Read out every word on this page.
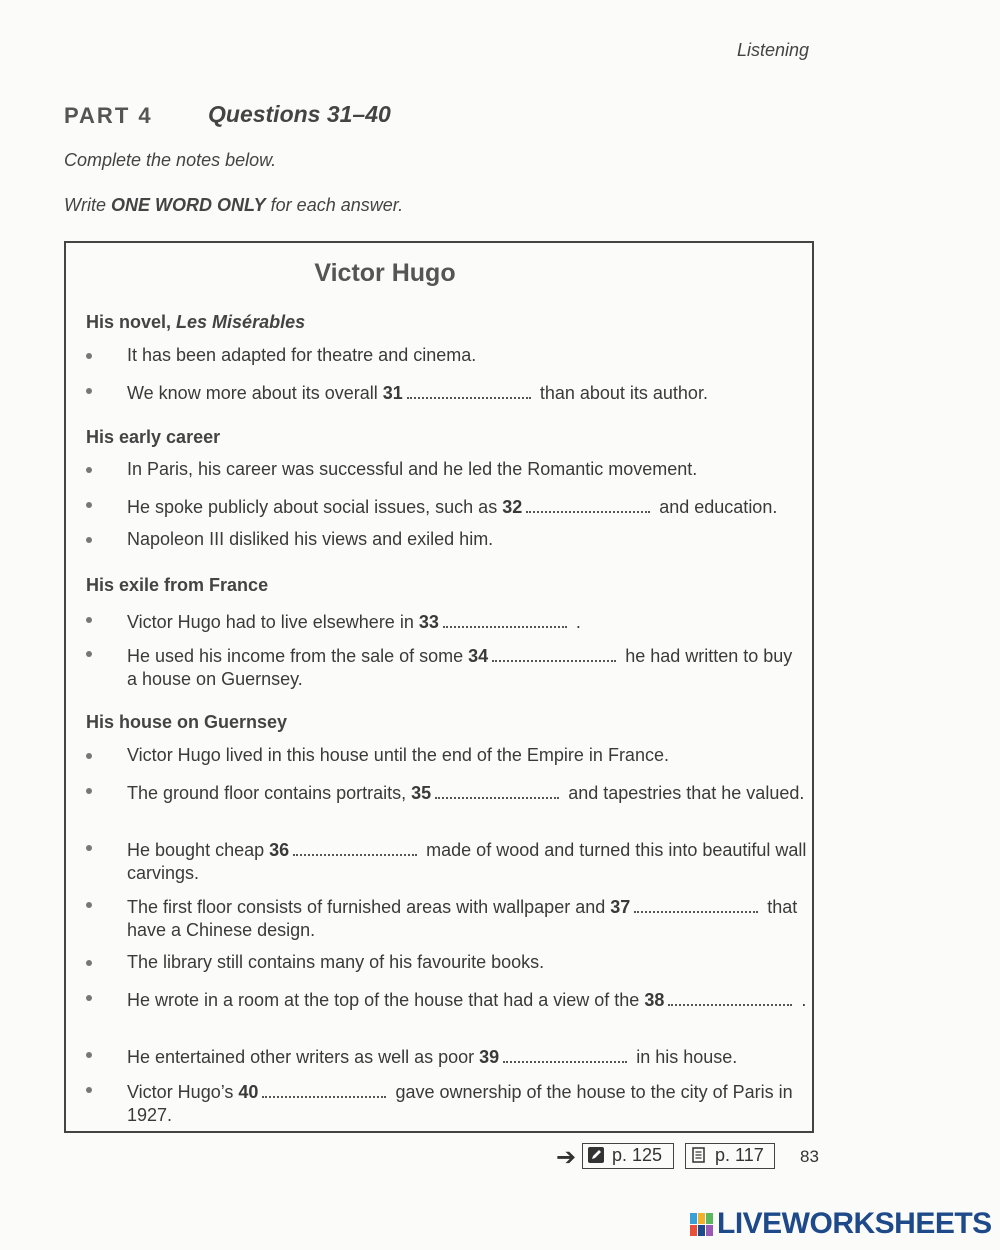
Listening
PART 4 Questions 31–40
Complete the notes below.
Write ONE WORD ONLY for each answer.
Victor Hugo
His novel, Les Misérables
It has been adapted for theatre and cinema.
We know more about its overall 31	than about its author.
His early career
In Paris, his career was successful and he led the Romantic movement.
He spoke publicly about social issues, such as 32	and education.
Napoleon III disliked his views and exiled him.
His exile from France
Victor Hugo had to live elsewhere in 33	.
He used his income from the sale of some 34	he had written to buy a house on Guernsey.
His house on Guernsey
Victor Hugo lived in this house until the end of the Empire in France.
The ground floor contains portraits, 35	and tapestries that he valued.
He bought cheap 36	made of wood and turned this into beautiful wall carvings.
The first floor consists of furnished areas with wallpaper and 37	that have a Chinese design.
The library still contains many of his favourite books.
He wrote in a room at the top of the house that had a view of the 38	.
He entertained other writers as well as poor 39	in his house.
Victor Hugo’s 40	gave ownership of the house to the city of Paris in 1927.
➔	p. 125	p. 117	83
LIVEWORKSHEETS
